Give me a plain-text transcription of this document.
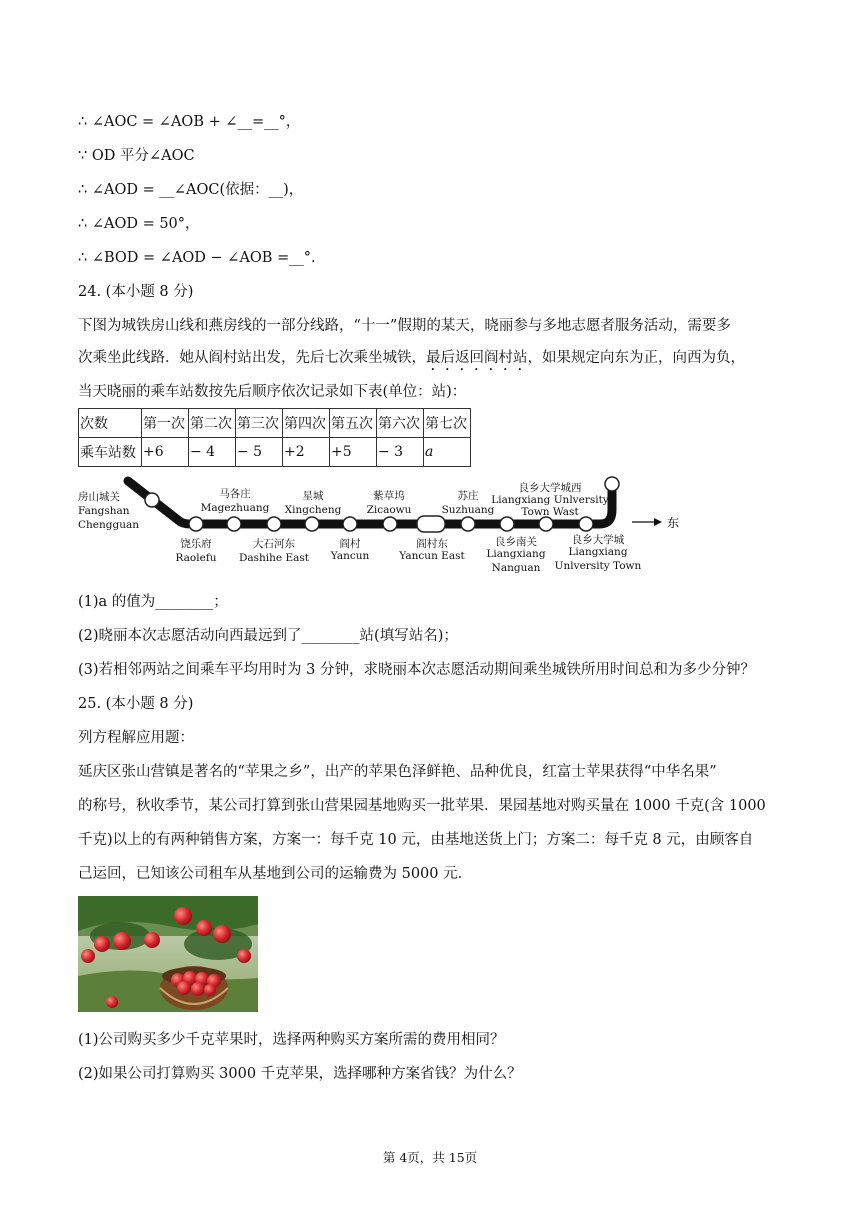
∴ ∠AOC = ∠AOB + ∠__=__°，
∵ OD 平分∠AOC
∴ ∠AOD = __∠AOC(依据：__)，
∴ ∠AOD = 50°，
∴ ∠BOD = ∠AOD − ∠AOB =__°.
24. (本小题 8 分)
下图为城铁房山线和燕房线的一部分线路，“十一”假期的某天，晓丽参与多地志愿者服务活动，需要多
次乘坐此线路．她从阎村站出发，先后七次乘坐城铁，最后返回阎村站，如果规定向东为正，向西为负，
当天晓丽的乘车站数按先后顺序依次记录如下表(单位：站)：
次数	第一次	第二次	第三次	第四次	第五次	第六次	第七次
乘车站数	+6	− 4	− 5	+2	+5	− 3	a
东
房山城关
Fangshan
Chengguan
马各庄
Magezhuang
星城
Xingcheng
紫草坞
Zicaowu
苏庄
Suzhuang
良乡大学城西
Liangxiang Unlversity
Town Wast
饶乐府
Raolefu
大石河东
Dashihe East
阎村
Yancun
阎村东
Yancun East
良乡南关
Liangxiang
Nanguan
良乡大学城
Liangxiang
Unlversity Town
(1)a 的值为________；
(2)晓丽本次志愿活动向西最远到了________站(填写站名)；
(3)若相邻两站之间乘车平均用时为 3 分钟，求晓丽本次志愿活动期间乘坐城铁所用时间总和为多少分钟？
25. (本小题 8 分)
列方程解应用题：
延庆区张山营镇是著名的“苹果之乡”，出产的苹果色泽鲜艳、品种优良，红富士苹果获得“中华名果”
的称号，秋收季节，某公司打算到张山营果园基地购买一批苹果．果园基地对购买量在 1000 千克(含 1000
千克)以上的有两种销售方案，方案一：每千克 10 元，由基地送货上门；方案二：每千克 8 元，由顾客自
己运回，已知该公司租车从基地到公司的运输费为 5000 元．
(1)公司购买多少千克苹果时，选择两种购买方案所需的费用相同？
(2)如果公司打算购买 3000 千克苹果，选择哪种方案省钱？为什么？
第 4页，共 15页
